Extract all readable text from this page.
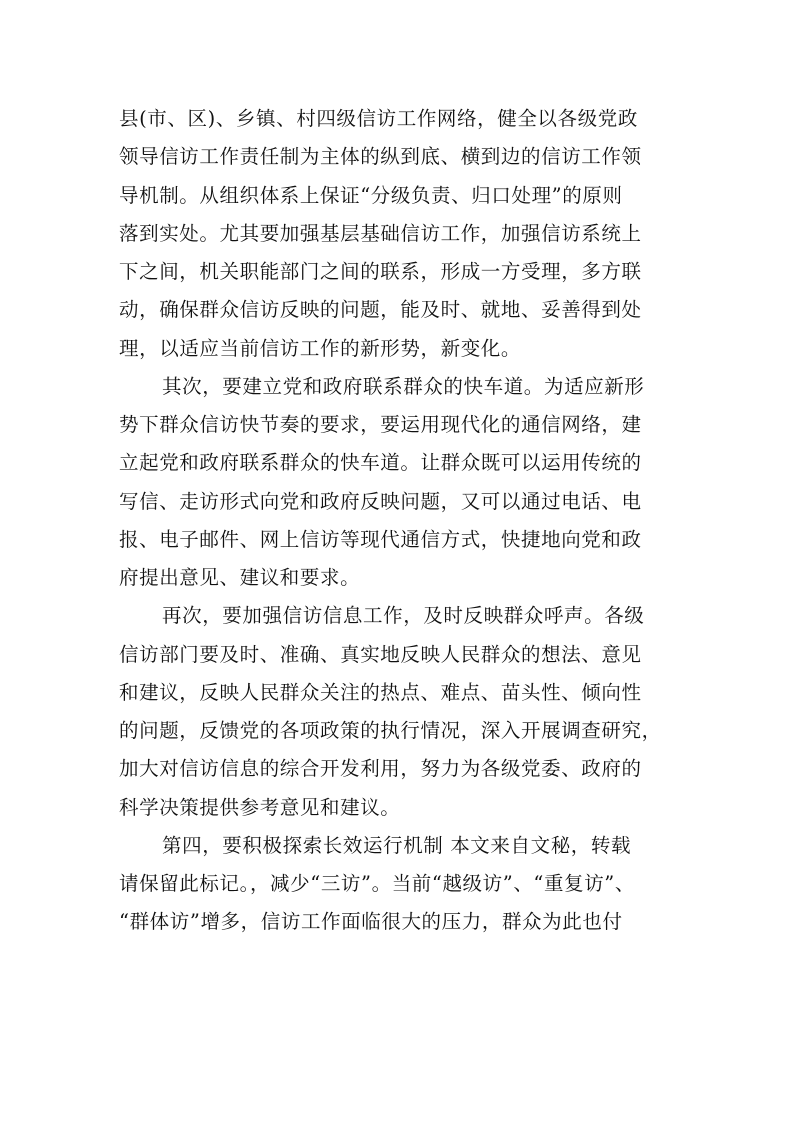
县(市、区)、乡镇、村四级信访工作网络，健全以各级党政
领导信访工作责任制为主体的纵到底、横到边的信访工作领
导机制。从组织体系上保证“分级负责、归口处理”的原则
落到实处。尤其要加强基层基础信访工作，加强信访系统上
下之间，机关职能部门之间的联系，形成一方受理，多方联
动，确保群众信访反映的问题，能及时、就地、妥善得到处
理，以适应当前信访工作的新形势，新变化。
其次，要建立党和政府联系群众的快车道。为适应新形
势下群众信访快节奏的要求，要运用现代化的通信网络，建
立起党和政府联系群众的快车道。让群众既可以运用传统的
写信、走访形式向党和政府反映问题，又可以通过电话、电
报、电子邮件、网上信访等现代通信方式，快捷地向党和政
府提出意见、建议和要求。
再次，要加强信访信息工作，及时反映群众呼声。各级
信访部门要及时、准确、真实地反映人民群众的想法、意见
和建议，反映人民群众关注的热点、难点、苗头性、倾向性
的问题，反馈党的各项政策的执行情况，深入开展调查研究，
加大对信访信息的综合开发利用，努力为各级党委、政府的
科学决策提供参考意见和建议。
第四，要积极探索长效运行机制 本文来自文秘，转载
请保留此标记。，减少“三访”。当前“越级访”、“重复访”、
“群体访”增多，信访工作面临很大的压力，群众为此也付
